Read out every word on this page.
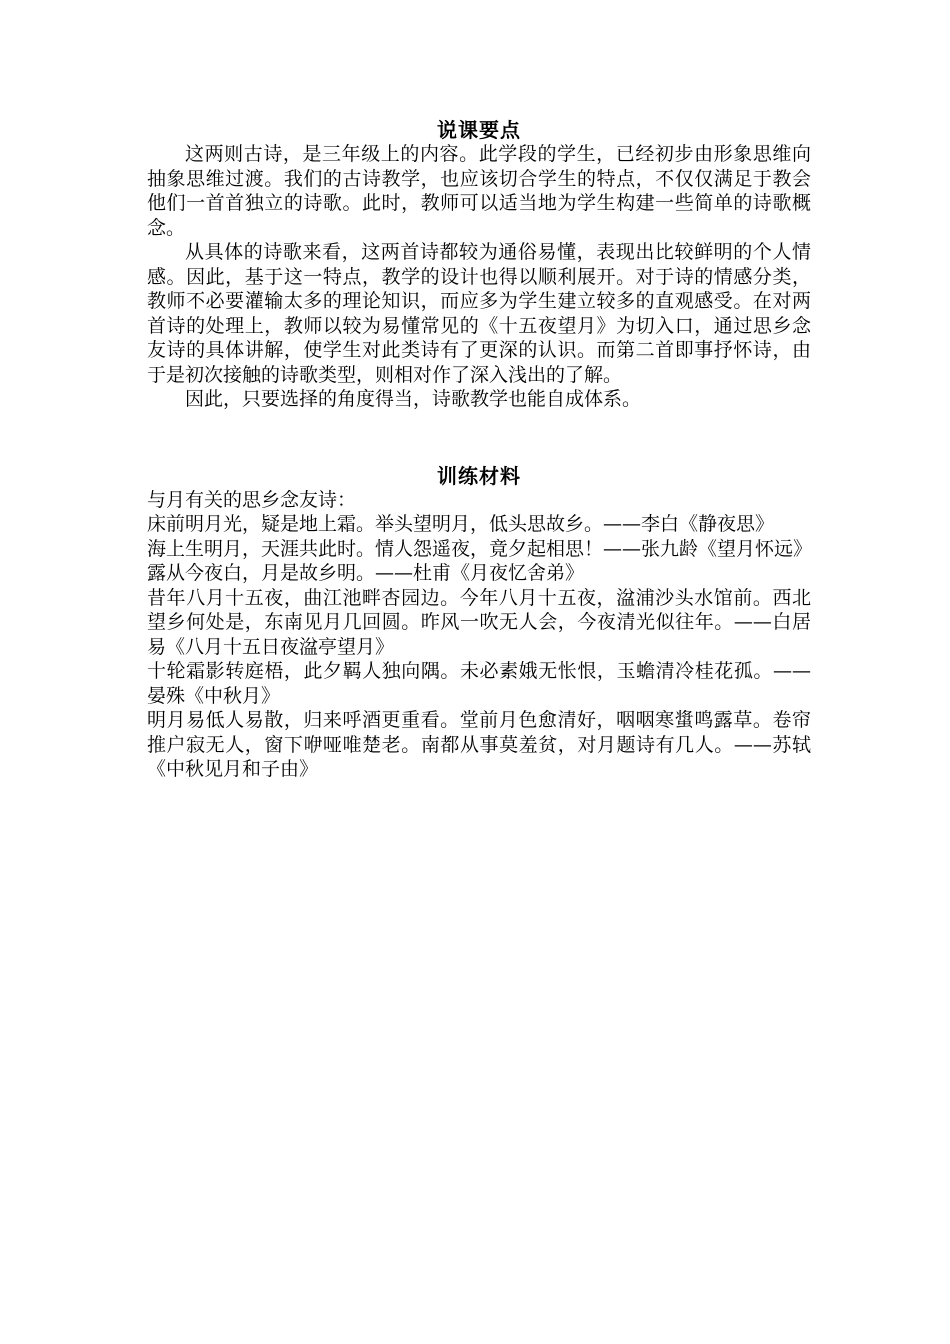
说课要点

这两则古诗，是三年级上的内容。此学段的学生，已经初步由形象思维向抽象思维过渡。我们的古诗教学，也应该切合学生的特点，不仅仅满足于教会他们一首首独立的诗歌。此时，教师可以适当地为学生构建一些简单的诗歌概念。

从具体的诗歌来看，这两首诗都较为通俗易懂，表现出比较鲜明的个人情感。因此，基于这一特点，教学的设计也得以顺利展开。对于诗的情感分类，教师不必要灌输太多的理论知识，而应多为学生建立较多的直观感受。在对两首诗的处理上，教师以较为易懂常见的《十五夜望月》为切入口，通过思乡念友诗的具体讲解，使学生对此类诗有了更深的认识。而第二首即事抒怀诗，由于是初次接触的诗歌类型，则相对作了深入浅出的了解。

因此，只要选择的角度得当，诗歌教学也能自成体系。

训练材料

与月有关的思乡念友诗：

床前明月光，疑是地上霜。举头望明月，低头思故乡。——李白《静夜思》

海上生明月，天涯共此时。情人怨遥夜，竟夕起相思！——张九龄《望月怀远》

露从今夜白，月是故乡明。——杜甫《月夜忆舍弟》

昔年八月十五夜，曲江池畔杏园边。今年八月十五夜，湓浦沙头水馆前。西北望乡何处是，东南见月几回圆。昨风一吹无人会，今夜清光似往年。——白居易《八月十五日夜湓亭望月》

十轮霜影转庭梧，此夕羁人独向隅。未必素娥无怅恨，玉蟾清冷桂花孤。——晏殊《中秋月》

明月易低人易散，归来呼酒更重看。堂前月色愈清好，咽咽寒螀鸣露草。卷帘推户寂无人，窗下咿哑唯楚老。南都从事莫羞贫，对月题诗有几人。——苏轼《中秋见月和子由》
